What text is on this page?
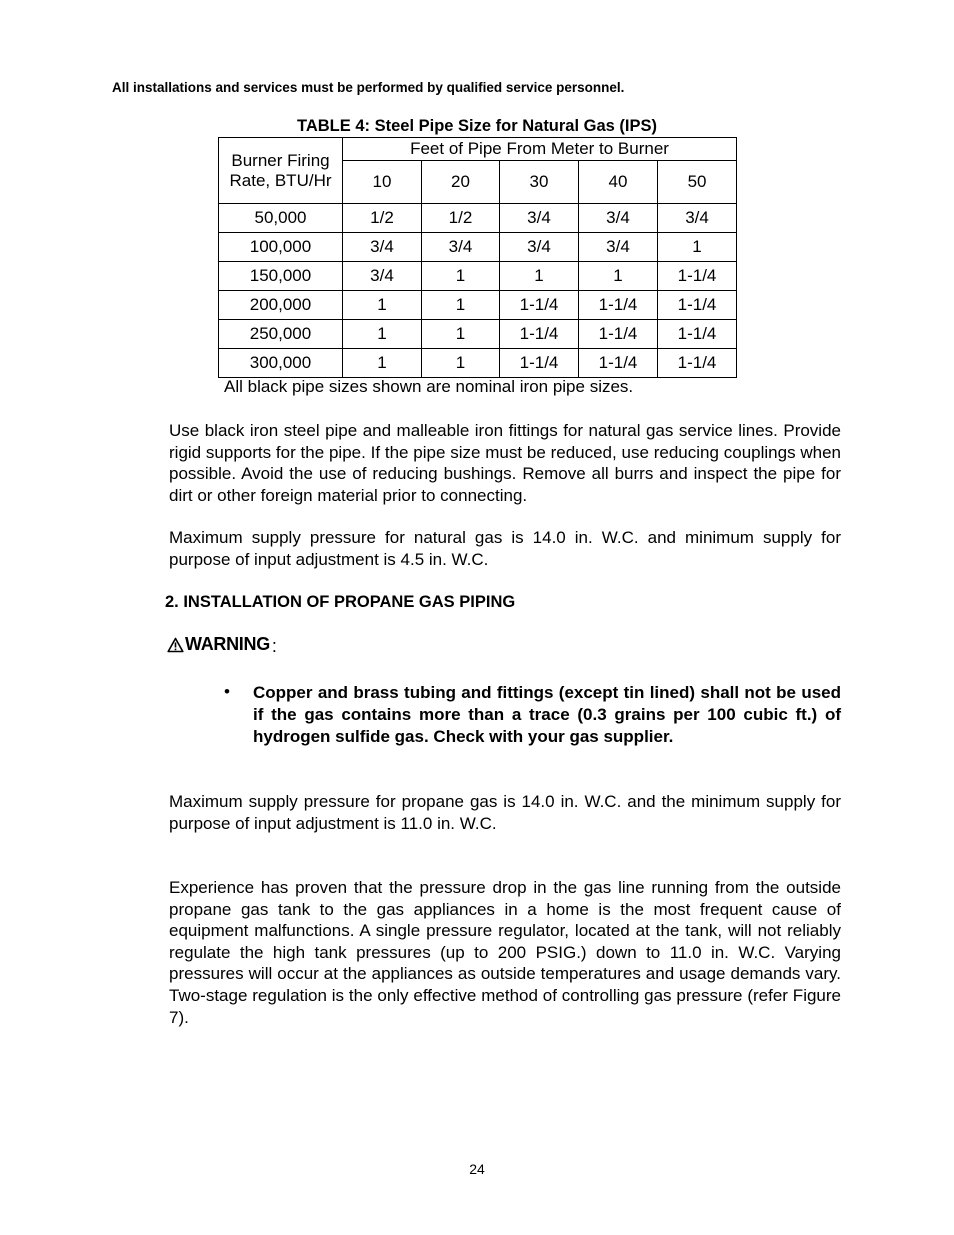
All installations and services must be performed by qualified service personnel.
TABLE 4: Steel Pipe Size for Natural Gas (IPS)
Burner Firing Rate, BTU/Hr	Feet of Pipe From Meter to Burner				
	10	20	30	40	50
50,000	1/2	1/2	3/4	3/4	3/4
100,000	3/4	3/4	3/4	3/4	1
150,000	3/4	1	1	1	1-1/4
200,000	1	1	1-1/4	1-1/4	1-1/4
250,000	1	1	1-1/4	1-1/4	1-1/4
300,000	1	1	1-1/4	1-1/4	1-1/4
All black pipe sizes shown are nominal iron pipe sizes.

Use black iron steel pipe and malleable iron fittings for natural gas service lines. Provide rigid supports for the pipe. If the pipe size must be reduced, use reducing couplings when possible. Avoid the use of reducing bushings. Remove all burrs and inspect the pipe for dirt or other foreign material prior to connecting.

Maximum supply pressure for natural gas is 14.0 in. W.C. and minimum supply for purpose of input adjustment is 4.5 in. W.C.

2. INSTALLATION OF PROPANE GAS PIPING
WARNING :
• Copper and brass tubing and fittings (except tin lined) shall not be used if the gas contains more than a trace (0.3 grains per 100 cubic ft.) of hydrogen sulfide gas. Check with your gas supplier.

Maximum supply pressure for propane gas is 14.0 in. W.C. and the minimum supply for purpose of input adjustment is 11.0 in. W.C.

Experience has proven that the pressure drop in the gas line running from the outside propane gas tank to the gas appliances in a home is the most frequent cause of equipment malfunctions. A single pressure regulator, located at the tank, will not reliably regulate the high tank pressures (up to 200 PSIG.) down to 11.0 in. W.C. Varying pressures will occur at the appliances as outside temperatures and usage demands vary. Two-stage regulation is the only effective method of controlling gas pressure (refer Figure 7).

24
